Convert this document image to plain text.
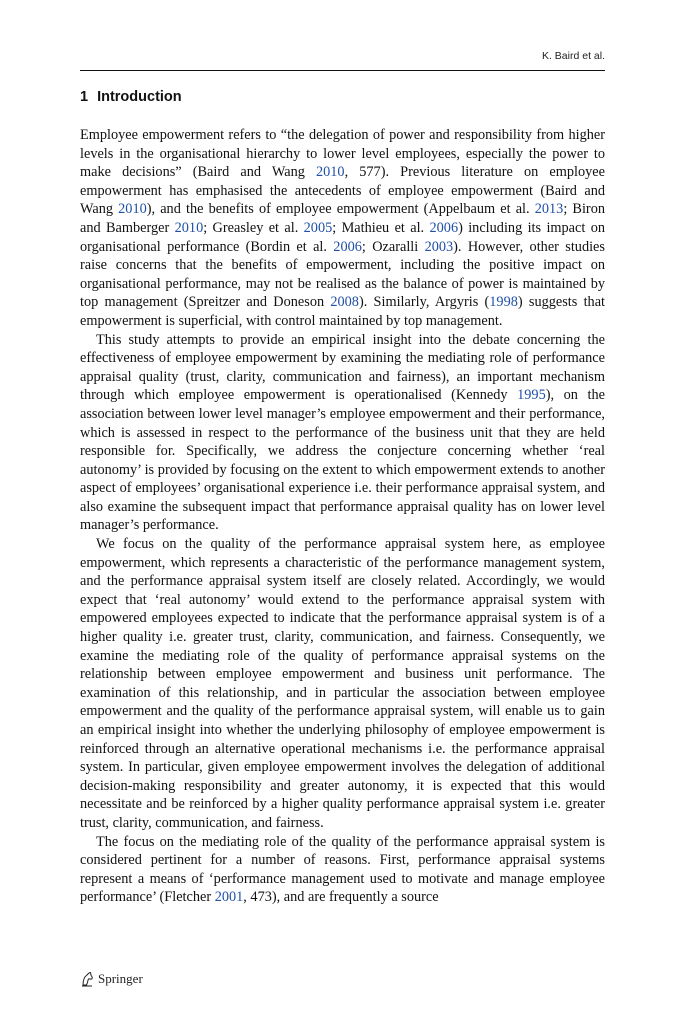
K. Baird et al.
1 Introduction

Employee empowerment refers to “the delegation of power and responsibility from higher levels in the organisational hierarchy to lower level employees, especially the power to make decisions” (Baird and Wang 2010, 577). Previous literature on employee empowerment has emphasised the antecedents of employee empowerment (Baird and Wang 2010), and the benefits of employee empowerment (Appelbaum et al. 2013; Biron and Bamberger 2010; Greasley et al. 2005; Mathieu et al. 2006) including its impact on organisational performance (Bordin et al. 2006; Ozaralli 2003). However, other studies raise concerns that the benefits of empowerment, including the positive impact on organisational performance, may not be realised as the balance of power is maintained by top management (Spreitzer and Doneson 2008). Similarly, Argyris (1998) suggests that empowerment is superficial, with control maintained by top management.

This study attempts to provide an empirical insight into the debate concerning the effectiveness of employee empowerment by examining the mediating role of performance appraisal quality (trust, clarity, communication and fairness), an important mechanism through which employee empowerment is operationalised (Kennedy 1995), on the association between lower level manager’s employee empowerment and their performance, which is assessed in respect to the performance of the business unit that they are held responsible for. Specifically, we address the conjecture concerning whether ‘real autonomy’ is provided by focusing on the extent to which empowerment extends to another aspect of employees’ organisational experience i.e. their performance appraisal system, and also examine the subsequent impact that performance appraisal quality has on lower level manager’s performance.

We focus on the quality of the performance appraisal system here, as employee empowerment, which represents a characteristic of the performance management system, and the performance appraisal system itself are closely related. Accordingly, we would expect that ‘real autonomy’ would extend to the performance appraisal system with empowered employees expected to indicate that the performance appraisal system is of a higher quality i.e. greater trust, clarity, communication, and fairness. Consequently, we examine the mediating role of the quality of performance appraisal systems on the relationship between employee empowerment and business unit performance. The examination of this relationship, and in particular the association between employee empowerment and the quality of the performance appraisal system, will enable us to gain an empirical insight into whether the underlying philosophy of employee empowerment is reinforced through an alternative operational mechanisms i.e. the performance appraisal system. In particular, given employee empowerment involves the delegation of additional decision-making responsibility and greater autonomy, it is expected that this would necessitate and be reinforced by a higher quality performance appraisal system i.e. greater trust, clarity, communication, and fairness.

The focus on the mediating role of the quality of the performance appraisal system is considered pertinent for a number of reasons. First, performance appraisal systems represent a means of ‘performance management used to motivate and manage employee performance’ (Fletcher 2001, 473), and are frequently a source

Springer
